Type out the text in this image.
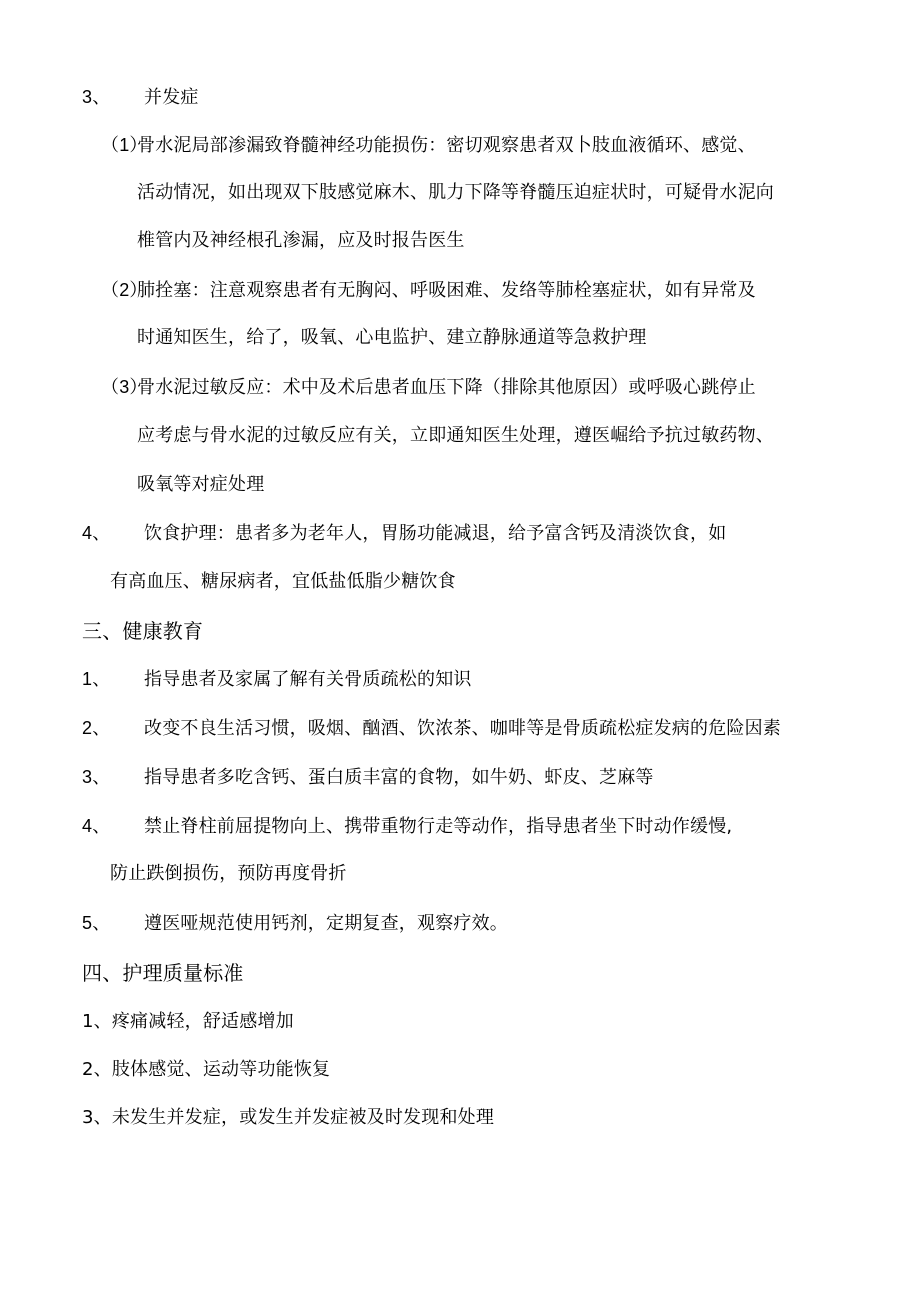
3、 并发症
（1）骨水泥局部渗漏致脊髓神经功能损伤：密切观察患者双卜肢血液循环、感觉、
活动情况，如出现双下肢感觉麻木、肌力下降等脊髓压迫症状时，可疑骨水泥向
椎管内及神经根孔渗漏，应及时报告医生
（2）肺拴塞：注意观察患者有无胸闷、呼吸困难、发络等肺栓塞症状，如有异常及
时通知医生，给了，吸氧、心电监护、建立静脉通道等急救护理
（3）骨水泥过敏反应：术中及术后患者血压下降（排除其他原因）或呼吸心跳停止
应考虑与骨水泥的过敏反应有关，立即通知医生处理，遵医崛给予抗过敏药物、
吸氧等对症处理
4、 饮食护理：患者多为老年人，胃肠功能减退，给予富含钙及清淡饮食，如
有高血压、糖尿病者，宜低盐低脂少糖饮食
三、健康教育
1、 指导患者及家属了解有关骨质疏松的知识
2、 改变不良生活习惯，吸烟、酗酒、饮浓茶、咖啡等是骨质疏松症发病的危险因素
3、 指导患者多吃含钙、蛋白质丰富的食物，如牛奶、虾皮、芝麻等
4、 禁止脊柱前屈提物向上、携带重物行走等动作，指导患者坐下时动作缓慢,
防止跌倒损伤，预防再度骨折
5、 遵医哑规范使用钙剂，定期复查，观察疗效。
四、护理质量标准
1、疼痛减轻，舒适感增加
2、肢体感觉、运动等功能恢复
3、未发生并发症，或发生并发症被及时发现和处理
